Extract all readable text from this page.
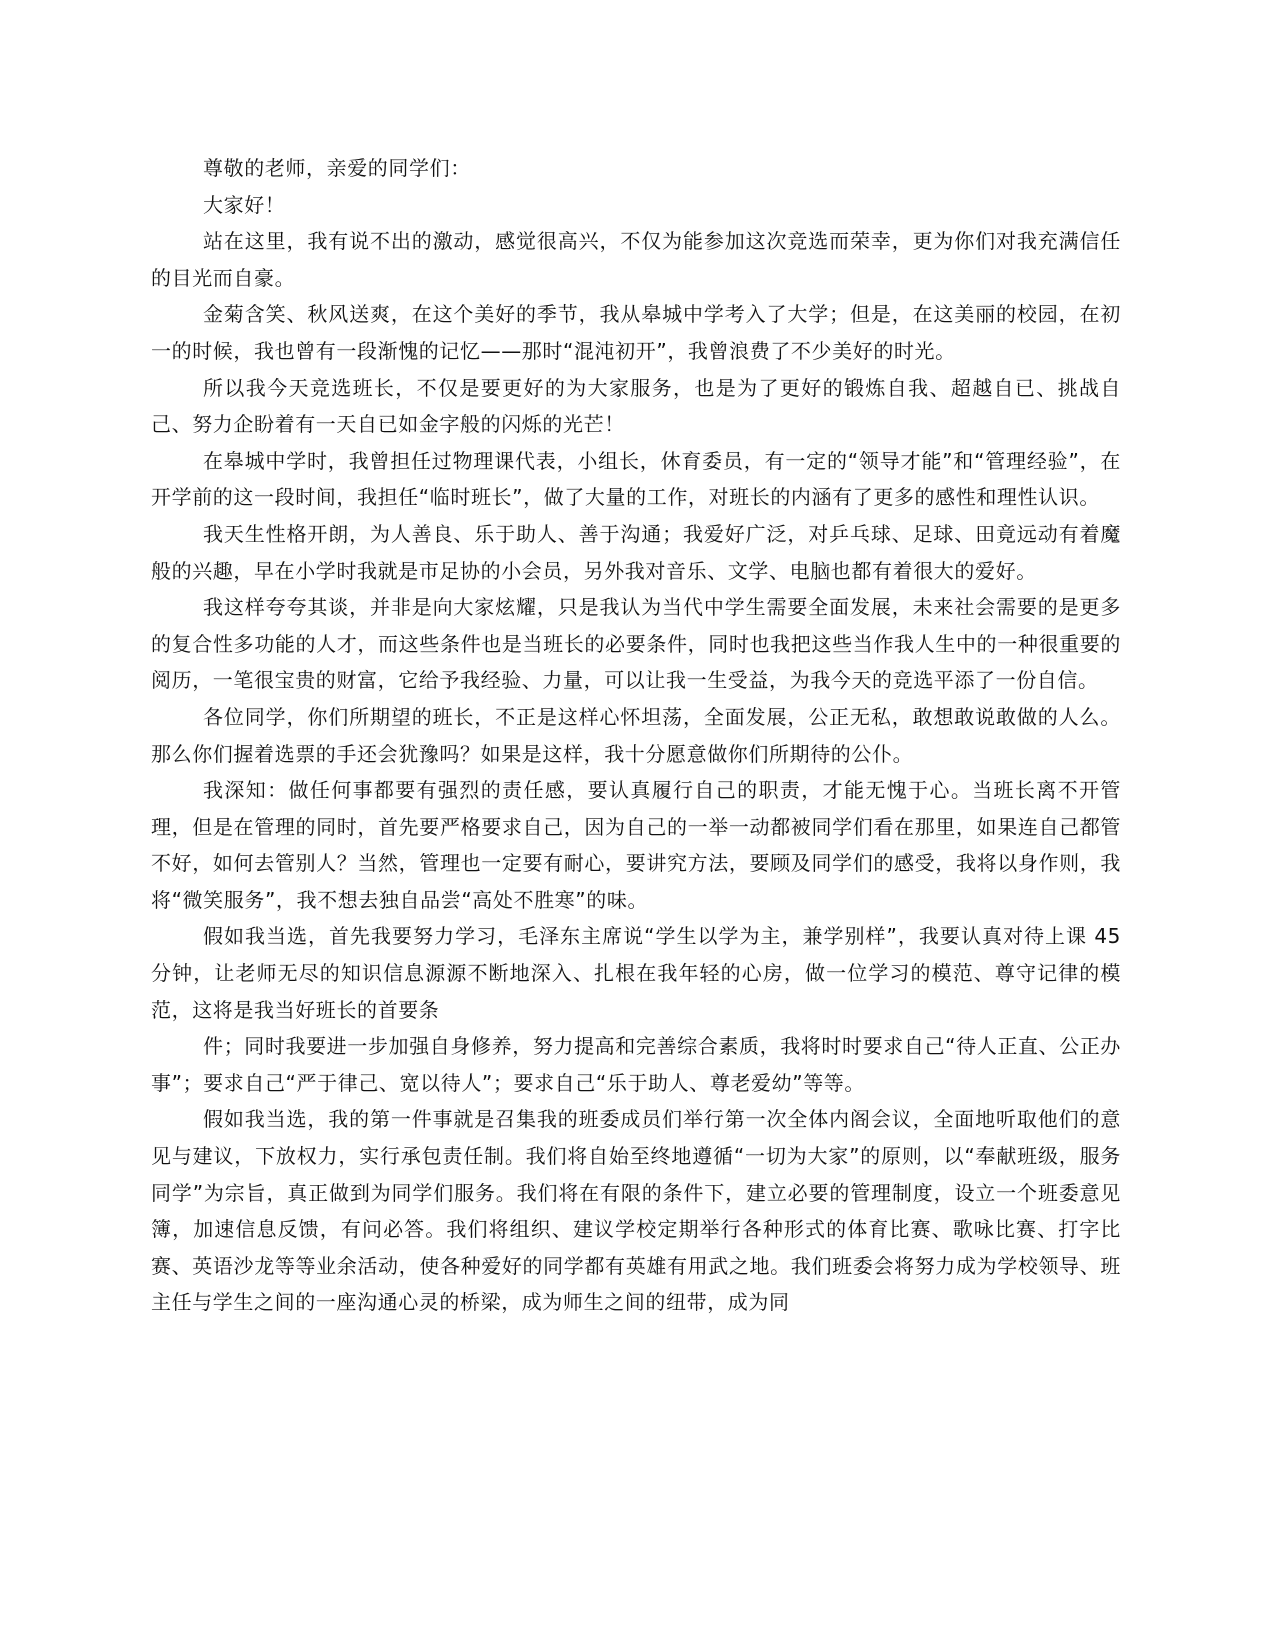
尊敬的老师，亲爱的同学们：​

大家好！

站在这里，我有说不出的激动，感觉很高兴，不仅为能参加这次竞选而荣幸，更为你们对我充满信任的目光而自豪。

金菊含笑、秋风送爽，在这个美好的季节，我从皋城中学考入了大学；但是，在这美丽的校园，在初一的时候，我也曾有一段渐愧的记忆——那时“混沌初开”，我曾浪费了不少美好的时光。

所以我今天竞选班长，不仅是要更好的为大家服务，也是为了更好的锻炼自我、超越自已、挑战自己、努力企盼着有一天自已如金字般的闪烁的光芒！

在皋城中学时，我曾担任过物理课代表，小组长，休育委员，有一定的“领导才能”和“管理经验”，在开学前的这一段时间，我担任“临时班长”，做了大量的工作，对班长的内涵有了更多的感性和理性认识。

我天生性格开朗，为人善良、乐于助人、善于沟通；我爱好广泛，对乒乓球、足球、田竟远动有着魔般的兴趣，早在小学时我就是市足协的小会员，另外我对音乐、文学、电脑也都有着很大的爱好。

我这样夸夸其谈，并非是向大家炫耀，只是我认为当代中学生需要全面发展，未来社会需要的是更多的复合性多功能的人才，而这些条件也是当班长的必要条件，同时也我把这些当作我人生中的一种很重要的阅历，一笔很宝贵的财富，它给予我经验、力量，可以让我一生受益，为我今天的竞选平添了一份自信。

各位同学，你们所期望的班长，不正是这样心怀坦荡，全面发展，公正无私，敢想敢说敢做的人么。那么你们握着选票的手还会犹豫吗？如果是这样，我十分愿意做你们所期待的公仆。

我深知：做任何事都要有强烈的责任感，要认真履行自己的职责，才能无愧于心。当班长离不开管理，但是在管理的同时，首先要严格要求自己，因为自己的一举一动都被同学们看在那里，如果连自己都管不好，如何去管别人？当然，管理也一定要有耐心，要讲究方法，要顾及同学们的感受，我将以身作则，我将“微笑服务”，我不想去独自品尝“高处不胜寒”的味。

假如我当选，首先我要努力学习，毛泽东主席说“学生以学为主，兼学别样”，我要认真对待上课 45 分钟，让老师无尽的知识信息源源不断地深入、扎根在我年轻的心房，做一位学习的模范、尊守记律的模范，这将是我当好班长的首要条

件；同时我要进一步加强自身修养，努力提高和完善综合素质，我将时时要求自己“待人正直、公正办事”；要求自己“严于律己、宽以待人”；要求自己“乐于助人、尊老爱幼”等等。

假如我当选，我的第一件事就是召集我的班委成员们举行第一次全体内阁会议，全面地听取他们的意见与建议，下放权力，实行承包责任制。我们将自始至终地遵循“一切为大家”的原则，以“奉献班级，服务同学”为宗旨，真正做到为同学们服务。我们将在有限的条件下，建立必要的管理制度，设立一个班委意见簿，加速信息反馈，有问必答。我们将组织、建议学校定期举行各种形式的体育比赛、歌咏比赛、打字比赛、英语沙龙等等业余活动，使各种爱好的同学都有英雄有用武之地。我们班委会将努力成为学校领导、班主任与学生之间的一座沟通心灵的桥梁，成为师生之间的纽带，成为同
